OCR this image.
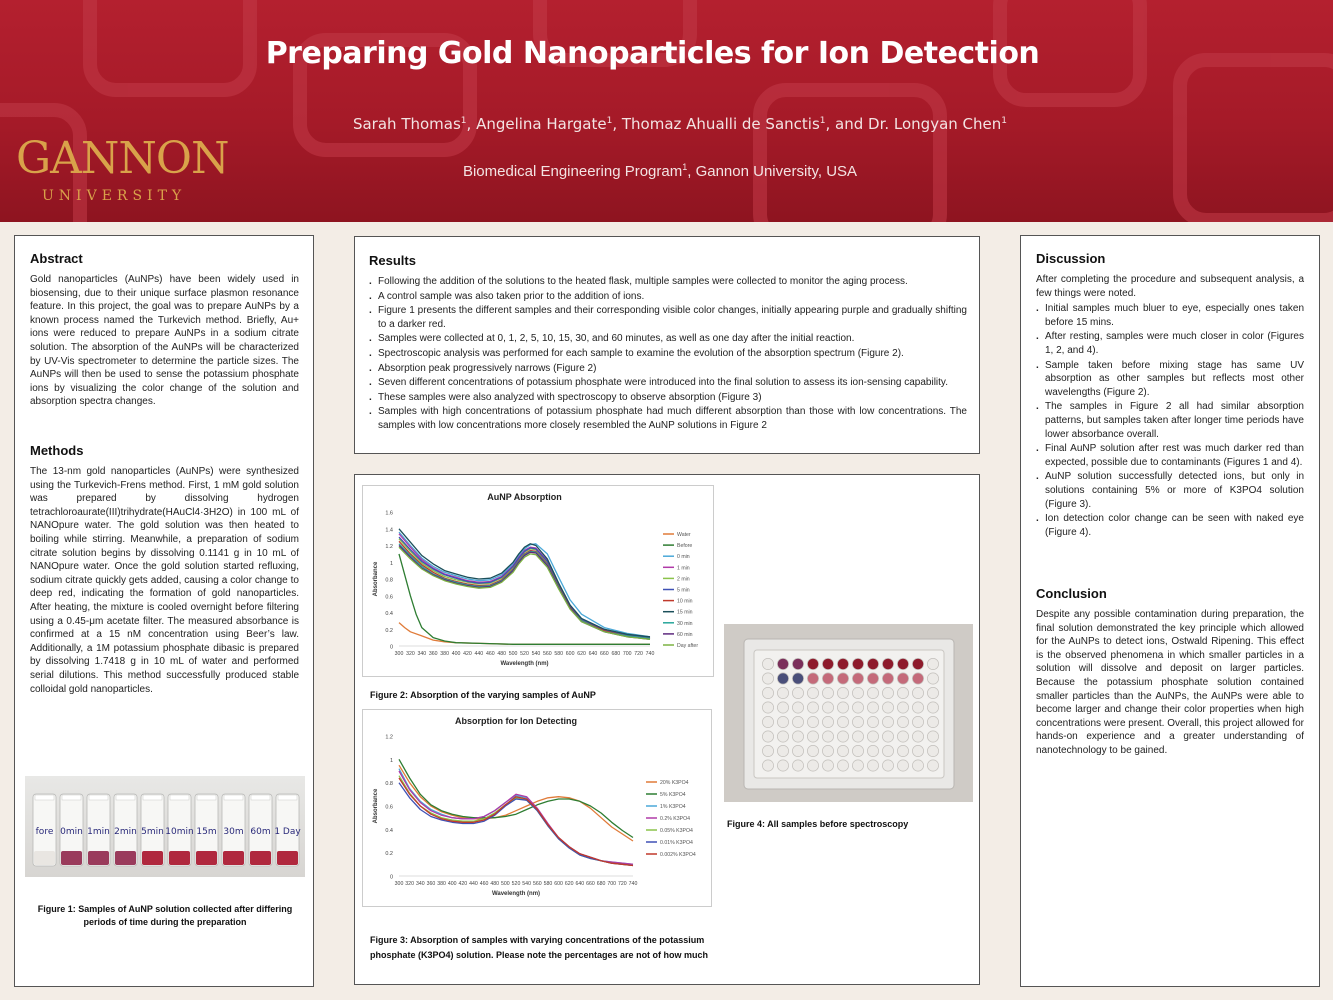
Preparing Gold Nanoparticles for Ion Detection
Sarah Thomas$^1$, Angelina Hargate$^1$, Thomaz Ahualli de Sanctis$^1$, and Dr. Longyan Chen$^1$
Biomedical Engineering Program$^1$, Gannon University, USA
GANNON
UNIVERSITY
Abstract

Gold nanoparticles (AuNPs) have been widely used in biosensing, due to their unique surface plasmon resonance feature. In this project, the goal was to prepare AuNPs by a known process named the Turkevich method. Briefly, Au+ ions were reduced to prepare AuNPs in a sodium citrate solution. The absorption of the AuNPs will be characterized by UV-Vis spectrometer to determine the particle sizes. The AuNPs will then be used to sense the potassium phosphate ions by visualizing the color change of the solution and absorption spectra changes.

Methods

The 13-nm gold nanoparticles (AuNPs) were synthesized using the Turkevich-Frens method. First, 1 mM gold solution was prepared by dissolving hydrogen tetrachloroaurate(III)trihydrate(HAuCl4·3H2O) in 100 mL of NANOpure water. The gold solution was then heated to boiling while stirring. Meanwhile, a preparation of sodium citrate solution begins by dissolving 0.1141 g in 10 mL of NANOpure water. Once the gold solution started refluxing, sodium citrate quickly gets added, causing a color change to deep red, indicating the formation of gold nanoparticles. After heating, the mixture is cooled overnight before filtering using a 0.45-μm acetate filter. The measured absorbance is confirmed at a 15 nM concentration using Beer’s law. Additionally, a 1M potassium phosphate dibasic is prepared by dissolving 1.7418 g in 10 mL of water and performed serial dilutions. This method successfully produced stable colloidal gold nanoparticles.

fore 0min 1min 2min 5min 10min 15m 30m 60m 1 Day
Figure 1: Samples of AuNP solution collected after differing periods of time during the preparation
Results
. Following the addition of the solutions to the heated flask, multiple samples were collected to monitor the aging process.
. A control sample was also taken prior to the addition of ions.
. Figure 1 presents the different samples and their corresponding visible color changes, initially appearing purple and gradually shifting to a darker red.
. Samples were collected at 0, 1, 2, 5, 10, 15, 30, and 60 minutes, as well as one day after the initial reaction.
. Spectroscopic analysis was performed for each sample to examine the evolution of the absorption spectrum (Figure 2).
. Absorption peak progressively narrows (Figure 2)
. Seven different concentrations of potassium phosphate were introduced into the final solution to assess its ion-sensing capability.
. These samples were also analyzed with spectroscopy to observe absorption (Figure 3)
. Samples with high concentrations of potassium phosphate had much different absorption than those with low concentrations. The samples with low concentrations more closely resembled the AuNP solutions in Figure 2
AuNP Absorption
0
0.2
0.4
0.6
0.8
1
1.2
1.4
1.6
300 320 340 360 380 400 420 440 460 480 500 520 540 560 580 600 620 640 660 680 700 720 740
Wavelength (nm)
Absorbance
Water
Before
0 min
1 min
2 min
5 min
10 min
15 min
30 min
60 min
Day after
Figure 2: Absorption of the varying samples of AuNP
Absorption for Ion Detecting
0
0.2
0.4
0.6
0.8
1
1.2
300 320 340 360 380 400 420 440 460 480 500 520 540 560 580 600 620 640 660 680 700 720 740
Wavelength (nm)
Absorbance
20% K3PO4
5% K3PO4
1% K3PO4
0.2% K3PO4
0.05% K3PO4
0.01% K3PO4
0.002% K3PO4
Figure 3: Absorption of samples with varying concentrations of the potassium phosphate (K3PO4) solution. Please note the percentages are not of how much
Figure 4: All samples before spectroscopy
Discussion

After completing the procedure and subsequent analysis, a few things were noted.

. Initial samples much bluer to eye, especially ones taken before 15 mins.
. After resting, samples were much closer in color (Figures 1, 2, and 4).
. Sample taken before mixing stage has same UV absorption as other samples but reflects most other wavelengths (Figure 2).
. The samples in Figure 2 all had similar absorption patterns, but samples taken after longer time periods have lower absorbance overall.
. Final AuNP solution after rest was much darker red than expected, possible due to contaminants (Figures 1 and 4).
. AuNP solution successfully detected ions, but only in solutions containing 5% or more of K3PO4 solution (Figure 3).
. Ion detection color change can be seen with naked eye (Figure 4).
Conclusion

Despite any possible contamination during preparation, the final solution demonstrated the key principle which allowed for the AuNPs to detect ions, Ostwald Ripening. This effect is the observed phenomena in which smaller particles in a solution will dissolve and deposit on larger particles. Because the potassium phosphate solution contained smaller particles than the AuNPs, the AuNPs were able to become larger and change their color properties when high concentrations were present. Overall, this project allowed for hands-on experience and a greater understanding of nanotechnology to be gained.
